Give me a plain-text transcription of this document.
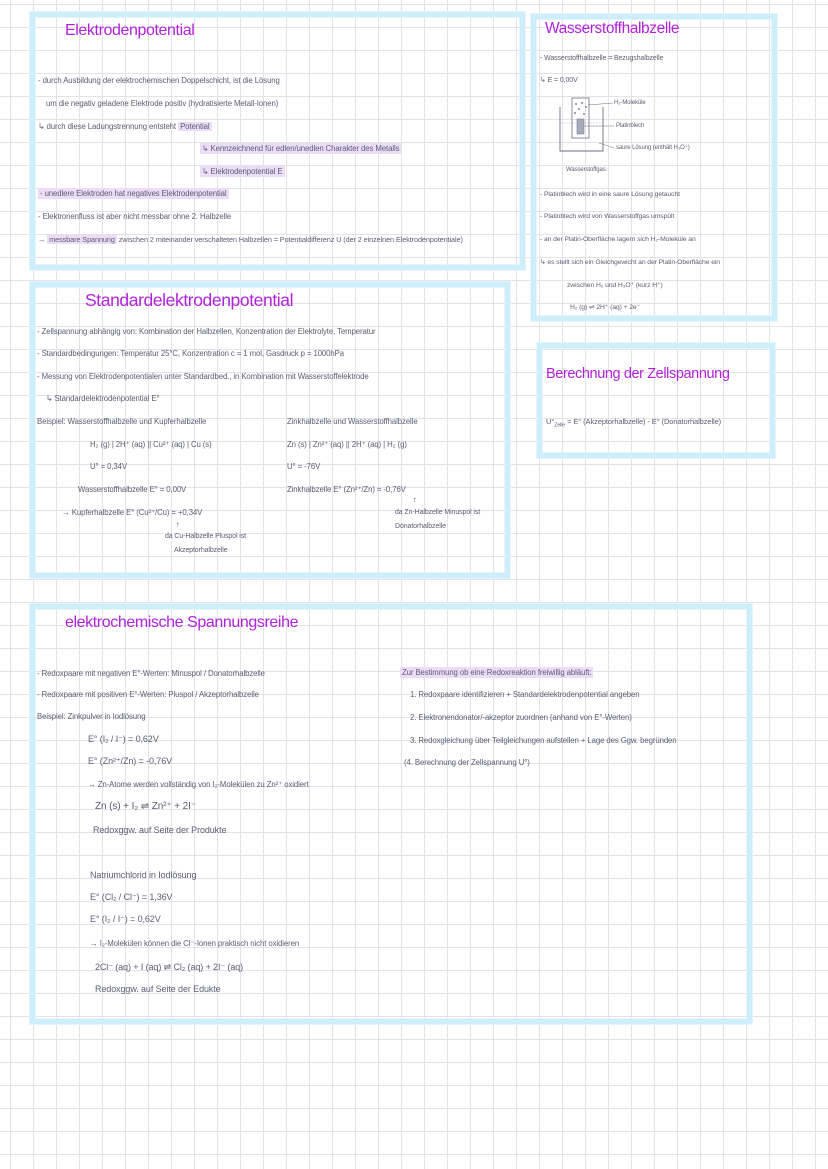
Elektrodenpotential
- durch Ausbildung der elektrochemischen Doppelschicht, ist die Lösung
um die negativ geladene Elektrode positiv (hydratisierte Metall-Ionen)
↳ durch diese Ladungstrennung entsteht Potential
↳ Kennzeichnend für edlen/unedlen Charakter des Metalls
↳ Elektrodenpotential E
- unedlere Elektroden hat negatives Elektrodenpotential
- Elektronenfluss ist aber nicht messbar ohne 2. Halbzelle
→ messbare Spannung zwischen 2 miteinander verschalteten Halbzellen = Potentialdifferenz U (der 2 einzelnen Elektrodenpotentiale)
Wasserstoffhalbzelle
- Wasserstoffhalbzelle = Bezugshalbzelle
↳ E = 0,00V
H₂-Moleküle
Platinblech
saure Lösung (enthält H₃O⁺)
Wasserstoffgas
- Platinblech wird in eine saure Lösung getaucht
- Platinblech wird von Wasserstoffgas umspült
- an der Platin-Oberfläche lagern sich H₂-Moleküle an
↳ es stellt sich ein Gleichgewicht an der Platin-Oberfläche ein
zwischen H₂ und H₃O⁺ (kurz H⁺)
H₂ (g) ⇌ 2H⁺ (aq) + 2e⁻
Standardelektrodenpotential
- Zellspannung abhängig von: Kombination der Halbzellen, Konzentration der Elektrolyte, Temperatur
- Standardbedingungen: Temperatur 25°C, Konzentration c = 1 mol, Gasdruck p = 1000hPa
- Messung von Elektrodenpotentialen unter Standardbed., in Kombination mit Wasserstoffelektrode
↳ Standardelektrodenpotential E°
Beispiel: Wasserstoffhalbzelle und Kupferhalbzelle
H₂ (g) | 2H⁺ (aq) || Cu²⁺ (aq) | Cu (s)
U° = 0,34V
Wasserstoffhalbzelle E° = 0,00V
→ Kupferhalbzelle E° (Cu²⁺/Cu) = +0,34V
↑
da Cu-Halbzelle Pluspol ist
Akzeptorhalbzelle
Zinkhalbzelle und Wasserstoffhalbzelle
Zn (s) | Zn²⁺ (aq) || 2H⁺ (aq) | H₂ (g)
U° = -76V
Zinkhalbzelle E° (Zn²⁺/Zn) = -0,76V
↑
da Zn-Halbzelle Minuspol ist
Donatorhalbzelle
Berechnung der Zellspannung
$U^\circ_{Zelle} = E^\circ$ (Akzeptorhalbzelle) - E° (Donatorhalbzelle)
elektrochemische Spannungsreihe
- Redoxpaare mit negativen E°-Werten: Minuspol / Donatorhalbzelle
- Redoxpaare mit positiven E°-Werten: Pluspol / Akzeptorhalbzelle
Beispiel: Zinkpulver in Iodlösung
E° (I₂ / I⁻) = 0,62V
E° (Zn²⁺/Zn) = -0,76V
→ Zn-Atome werden vollständig von I₂-Molekülen zu Zn²⁺ oxidiert
Zn (s) + I₂ ⇌ Zn²⁺ + 2I⁻
Redoxggw. auf Seite der Produkte
Natriumchlorid in Iodlösung
E° (Cl₂ / Cl⁻) = 1,36V
E° (I₂ / I⁻) = 0,62V
→ I₂-Molekülen können die Cl⁻-Ionen praktisch nicht oxidieren
2Cl⁻ (aq) + I (aq) ⇌ Cl₂ (aq) + 2I⁻ (aq)
Redoxggw. auf Seite der Edukte
Zur Bestimmung ob eine Redoxreaktion freiwillig abläuft:
1. Redoxpaare identifizieren + Standardelektrodenpotential angeben
2. Elektronendonator/-akzeptor zuordnen (anhand von E°-Werten)
3. Redoxgleichung über Teilgleichungen aufstellen + Lage des Ggw. begründen
(4. Berechnung der Zellspannung U°)
